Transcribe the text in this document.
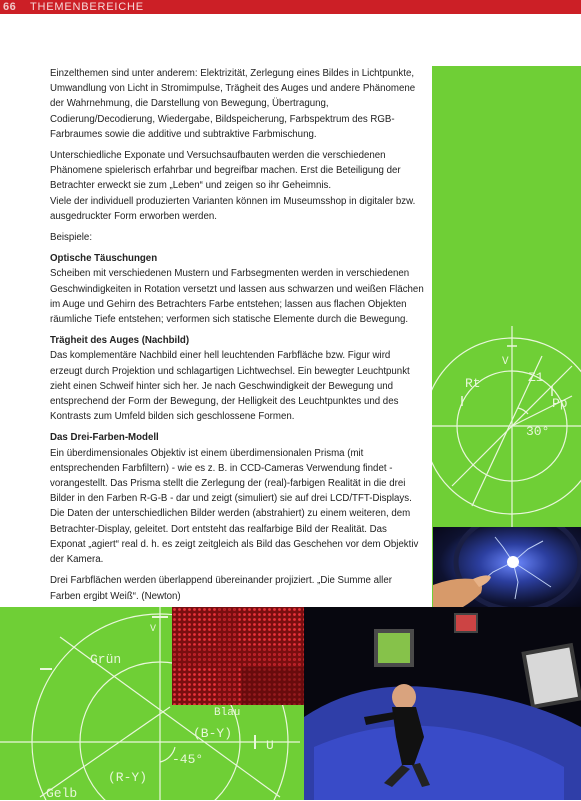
66 THEMENBEREICHE
Rt
V
Z1
Pp
30°
V
Grün
(B-Y)
-45°
U
(R-Y)
Gelb
Blau

Einzelthemen sind unter anderem: Elektrizität, Zerlegung eines Bildes in Lichtpunkte, Umwandlung von Licht in Stromimpulse, Trägheit des Auges und andere Phänomene der Wahrnehmung, die Darstellung von Bewegung, Übertragung, Codierung/Decodierung, Wiedergabe, Bildspeicherung, Farbspektrum des RGB-Farbraumes sowie die additive und subtraktive Farbmischung.

Unterschiedliche Exponate und Versuchsaufbauten werden die verschiedenen Phänomene spielerisch erfahrbar und begreifbar machen. Erst die Beteiligung der Betrachter erweckt sie zum „Leben“ und zeigen so ihr Geheimnis.

Viele der individuell produzierten Varianten können im Museumsshop in digitaler bzw. ausgedruckter Form erworben werden.

Beispiele:

Optische Täuschungen

Scheiben mit verschiedenen Mustern und Farbsegmenten werden in verschiedenen Geschwindigkeiten in Rotation versetzt und lassen aus schwarzen und weißen Flächen im Auge und Gehirn des Betrachters Farbe entstehen; lassen aus flachen Objekten räumliche Tiefe entstehen; verformen sich statische Elemente durch die Bewegung.

Trägheit des Auges (Nachbild)

Das komplementäre Nachbild einer hell leuchtenden Farbfläche bzw. Figur wird erzeugt durch Projektion und schlagartigen Lichtwechsel. Ein bewegter Leuchtpunkt zieht einen Schweif hinter sich her. Je nach Geschwindigkeit der Bewegung und entsprechend der Form der Bewegung, der Helligkeit des Leuchtpunktes und des Kontrasts zum Umfeld bilden sich geschlossene Formen.

Das Drei-Farben-Modell

Ein überdimensionales Objektiv ist einem überdimensionalen Prisma (mit entsprechenden Farbfiltern) - wie es z. B. in CCD-Cameras Verwendung findet - vorangestellt. Das Prisma stellt die Zerlegung der (real)-farbigen Realität in die drei Bilder in den Farben R-G-B - dar und zeigt (simuliert) sie auf drei LCD/TFT-Displays. Die Daten der unterschiedlichen Bilder werden (abstrahiert) zu einem weiteren, dem Betrachter-Display, geleitet. Dort entsteht das realfarbige Bild der Realität. Das Exponat „agiert“ real d. h. es zeigt zeitgleich als Bild das Geschehen vor dem Objektiv der Kamera.

Drei Farbflächen werden überlappend übereinander projiziert. „Die Summe aller Farben ergibt Weiß“. (Newton)
